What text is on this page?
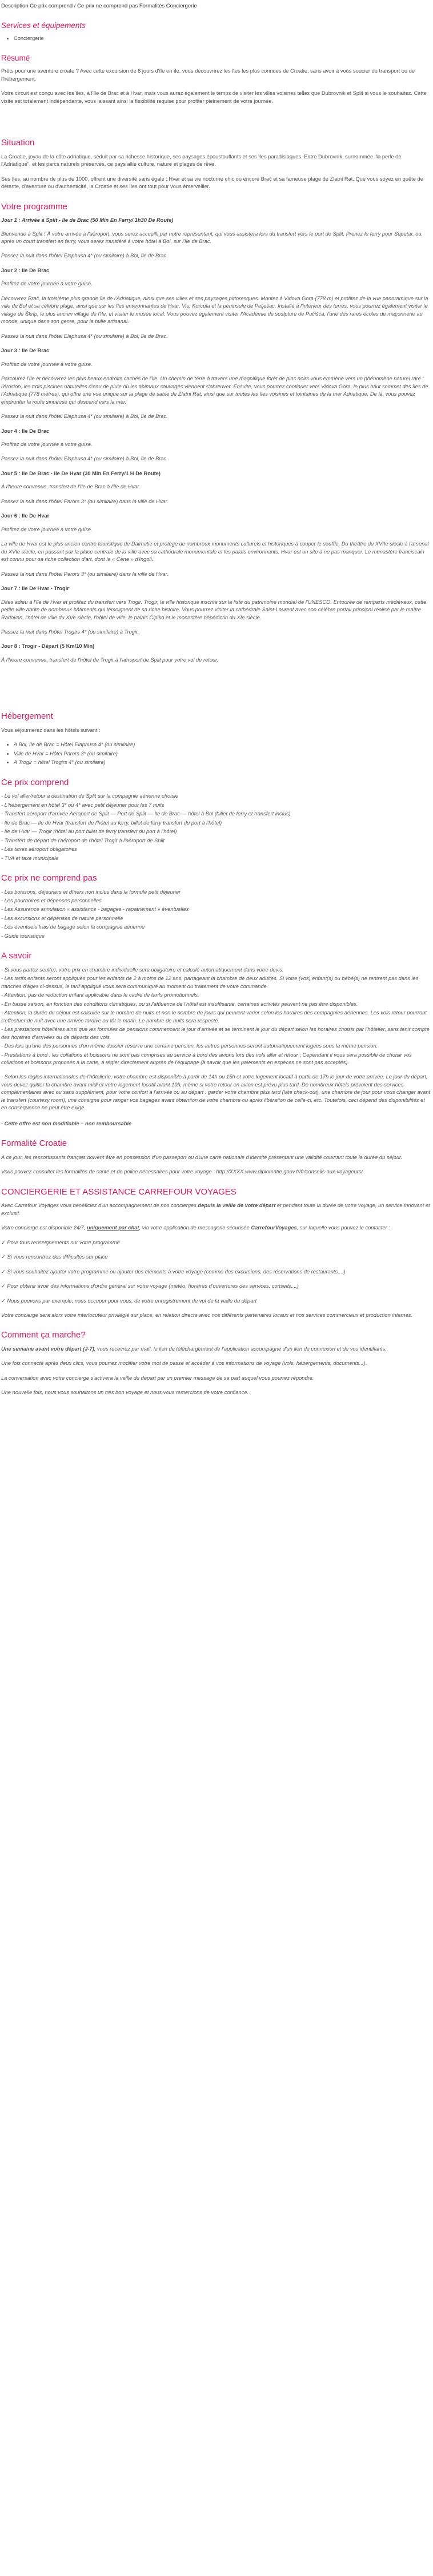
Description Ce prix comprend / Ce prix ne comprend pas Formalités Conciergerie
Services et équipements
• Conciergerie
Résumé

Prêts pour une aventure croate ? Avec cette excursion de 8 jours d'île en île, vous découvrirez les îles les plus connues de Croatie, sans avoir à vous soucier du transport ou de l'hébergement.

Votre circuit est conçu avec les îles, à l'île de Brac et à Hvar, mais vous aurez également le temps de visiter les villes voisines telles que Dubrovnik et Split si vous le souhaitez. Cette visite est totalement indépendante, vous laissant ainsi la flexibilité requise pour profiter pleinement de votre journée.

Situation

La Croatie, joyau de la côte adriatique, séduit par sa richesse historique, ses paysages époustouflants et ses îles paradisiaques. Entre Dubrovnik, surnommée "la perle de l'Adriatique", et les parcs naturels préservés, ce pays allie culture, nature et plages de rêve.

Ses îles, au nombre de plus de 1000, offrent une diversité sans égale : Hvar et sa vie nocturne chic ou encore Brač et sa fameuse plage de Zlatni Rat. Que vous soyez en quête de détente, d'aventure ou d'authenticité, la Croatie et ses îles ont tout pour vous émerveiller.

Votre programme
Jour 1 : Arrivée à Split - Ile de Brac (50 Min En Ferry/ 1h30 De Route)

Bienvenue à Split ! À votre arrivée à l'aéroport, vous serez accueilli par notre représentant, qui vous assistera lors du transfert vers le port de Split. Prenez le ferry pour Supetar, ou, après un court transfert en ferry, vous serez transféré à votre hôtel à Bol, sur l'île de Brac.

Passez la nuit dans l'hôtel Elaphusa 4* (ou similaire) à Bol, île de Brac.

Jour 2 : Ile De Brac

Profitez de votre journée à votre guise.

Découvrez Brač, la troisième plus grande île de l'Adriatique, ainsi que ses villes et ses paysages pittoresques. Montez à Vidova Gora (778 m) et profitez de la vue panoramique sur la ville de Bol et sa célèbre plage, ainsi que sur les îles environnantes de Hvar, Vis, Korcula et la péninsule de Pelješac. Installé à l'intérieur des terres, vous pourrez également visiter le village de Škrip, le plus ancien village de l'île, et visiter le musée local. Vous pouvez également visiter l'Académie de sculpture de Pučišća, l'une des rares écoles de maçonnerie au monde, unique dans son genre, pour la taille artisanal.

Passez la nuit dans l'hôtel Elaphusa 4* (ou similaire) à Bol, île de Brac.

Jour 3 : Ile De Brac

Profitez de votre journée à votre guise.

Parcourez l'île et découvrez les plus beaux endroits cachés de l'île. Un chemin de terre à travers une magnifique forêt de pins noirs vous emmène vers un phénomène naturel rare : l'érosion, les trois piscines naturelles d'eau de pluie où les animaux sauvages viennent s'abreuver. Ensuite, vous pourrez continuer vers Vidova Gora, le plus haut sommet des îles de l'Adriatique (778 mètres), qui offre une vue unique sur la plage de sable de Zlatni Rat, ainsi que sur toutes les îles voisines et lointaines de la mer Adriatique. De là, vous pouvez emprunter la route sinueuse qui descend vers la mer.

Passez la nuit dans l'hôtel Elaphusa 4* (ou similaire) à Bol, île de Brac.

Jour 4 : Ile De Brac

Profitez de votre journée à votre guise.

Passez la nuit dans l'hôtel Elaphusa 4* (ou similaire) à Bol, île de Brac.

Jour 5 : Ile De Brac - Ile De Hvar (30 Min En Ferry/1 H De Route)

À l'heure convenue, transfert de l'île de Brac à l'île de Hvar.

Passez la nuit dans l'hôtel Parors 3* (ou similaire) dans la ville de Hvar.

Jour 6 : Ile De Hvar

Profitez de votre journée à votre guise.

La ville de Hvar est le plus ancien centre touristique de Dalmatie et protège de nombreux monuments culturels et historiques à couper le souffle. Du théâtre du XVIIe siècle à l'arsenal du XVIe siècle, en passant par la place centrale de la ville avec sa cathédrale monumentale et les palais environnants. Hvar est un site à ne pas manquer. Le monastère franciscain est connu pour sa riche collection d'art, dont la « Cène » d'Ingoli.

Passez la nuit dans l'hôtel Parors 3* (ou similaire) dans la ville de Hvar.

Jour 7 : Ile De Hvar - Trogir

Dites adieu à l'île de Hvar et profitez du transfert vers Trogir. Trogir, la ville historique inscrite sur la liste du patrimoine mondial de l'UNESCO. Entourée de remparts médiévaux, cette petite ville abrite de nombreux bâtiments qui témoignent de sa riche histoire. Vous pourrez visiter la cathédrale Saint-Laurent avec son célèbre portail principal réalisé par le maître Radovan, l'hôtel de ville du XVe siècle, l'hôtel de ville, le palais Ćipiko et le monastère bénédictin du XIe siècle.

Passez la nuit dans l'hôtel Trogirs 4* (ou similaire) à Trogir.

Jour 8 : Trogir - Départ (5 Km/10 Min)

À l'heure convenue, transfert de l'hôtel de Trogir à l'aéroport de Split pour votre vol de retour.

Hébergement

Vous séjournerez dans les hôtels suivant :

• A Bol, île de Brac = Hôtel Elaphusa 4* (ou similaire)
• Ville de Hvar = Hôtel Parors 3* (ou similaire)
• A Trogir = hôtel Trogirs 4* (ou similaire)
Ce prix comprend
- Le vol aller/retour à destination de Split sur la compagnie aérienne choisie
- L'hébergement en hôtel 3* ou 4* avec petit déjeuner pour les 7 nuits
- Transfert aéroport d'arrivée Aéroport de Split — Port de Split — Ile de Brac — hôtel à Bol (billet de ferry et transfert inclus)
- Ile de Brac — Ile de Hvar (transfert de l'hôtel au ferry, billet de ferry transfert du port à l'hôtel)
- Ile de Hvar — Trogir (hôtel au port billet de ferry transfert du port à l'hôtel)
- Transfert de départ de l'aéroport de l'hôtel Trogir à l'aéroport de Split
- Les taxes aéroport obligatoires
- TVA et taxe municipale
Ce prix ne comprend pas
- Les boissons, déjeuners et dîners non inclus dans la formule petit déjeuner
- Les pourboires et dépenses personnelles
- Les Assurance annulation « assistance - bagages - rapatriement » éventuelles
- Les excursions et dépenses de nature personnelle
- Les éventuels frais de bagage selon la compagnie aérienne
- Guide touristique
A savoir
- Si vous partez seul(e), votre prix en chambre individuelle sera obligatoire et calculé automatiquement dans votre devis.
- Les tarifs enfants seront appliqués pour les enfants de 2 à moins de 12 ans, partageant la chambre de deux adultes. Si votre (vos) enfant(s) ou bébé(s) ne rentrent pas dans les tranches d'âges ci-dessus, le tarif appliqué vous sera communiqué au moment du traitement de votre commande.
- Attention, pas de réduction enfant applicable dans le cadre de tarifs promotionnels.
- En basse saison, en fonction des conditions climatiques, ou si l'affluence de l'hôtel est insuffisante, certaines activités peuvent ne pas être disponibles.
- Attention, la durée du séjour est calculée sur le nombre de nuits et non le nombre de jours qui peuvent varier selon les horaires des compagnies aériennes. Les vols retour pourront s'effectuer de nuit avec une arrivée tardive ou tôt le matin. Le nombre de nuits sera respecté.
- Les prestations hôtelières ainsi que les formules de pensions commencent le jour d'arrivée et se terminent le jour du départ selon les horaires choisis par l'hôtelier, sans tenir compte des horaires d'arrivées ou de départs des vols.
- Des lors qu'une des personnes d'un même dossier réserve une certaine pension, les autres personnes seront automatiquement logées sous la même pension.
- Prestations à bord : les collations et boissons ne sont pas comprises au service à bord des avions lors des vols aller et retour ; Cependant il vous sera possible de choisir vos collations et boissons proposés à la carte, à régler directement auprès de l'équipage (à savoir que les paiements en espèces ne sont pas acceptés).
- Selon les règles internationales de l'hôtellerie, votre chambre est disponible à partir de 14h ou 15h et votre logement locatif à partir de 17h le jour de votre arrivée. Le jour du départ, vous devez quitter la chambre avant midi et votre logement locatif avant 10h, même si votre retour en avion est prévu plus tard. De nombreux hôtels prévoient des services complémentaires avec ou sans supplément, pour votre confort à l'arrivée ou au départ : garder votre chambre plus tard (late check-out), une chambre de jour pour vous changer avant le transfert (courtesy room), une consigne pour ranger vos bagages avant obtention de votre chambre ou après libération de celle-ci, etc. Toutefois, ceci dépend des disponibilités et en conséquence ne peut être exigé.

- Cette offre est non modifiable – non remboursable

Formalité Croatie

A ce jour, les ressortissants français doivent être en possession d'un passeport ou d'une carte nationale d'identité présentant une validité couvrant toute la durée du séjour.

Vous pouvez consulter les formalités de santé et de police nécessaires pour votre voyage : http://XXXX.www.diplomatie.gouv.fr/fr/conseils-aux-voyageurs/

CONCIERGERIE ET ASSISTANCE CARREFOUR VOYAGES

Avec Carrefour Voyages vous bénéficiez d'un accompagnement de nos concierges depuis la veille de votre départ et pendant toute la durée de votre voyage, un service innovant et exclusif.

Votre concierge est disponible 24/7, uniquement par chat, via votre application de messagerie sécurisée CarrefourVoyages, sur laquelle vous pouvez le contacter :

✓ Pour tous renseignements sur votre programme

✓ Si vous rencontrez des difficultés sur place

✓ Si vous souhaitez ajouter votre programme ou ajouter des éléments à votre voyage (comme des excursions, des réservations de restaurants,...)

✓ Pour obtenir avoir des informations d'ordre général sur votre voyage (météo, horaires d'ouvertures des services, conseils,...)

✓ Nous pouvons par exemple, nous occuper pour vous, de votre enregistrement de vol de la veille du départ

Votre concierge sera alors votre interlocuteur privilégié sur place, en relation directe avec nos différents partenaires locaux et nos services commerciaux et production internes.

Comment ça marche?

Une semaine avant votre départ (J-7), vous recevrez par mail, le lien de téléchargement de l'application accompagné d'un lien de connexion et de vos identifiants.

Une fois connecté après deux clics, vous pourrez modifier votre mot de passe et accéder à vos informations de voyage (vols, hébergements, documents...).

La conversation avec votre concierge s'activera la veille du départ par un premier message de sa part auquel vous pourrez répondre.

Une nouvelle fois, nous vous souhaitons un très bon voyage et nous vous remercions de votre confiance.
